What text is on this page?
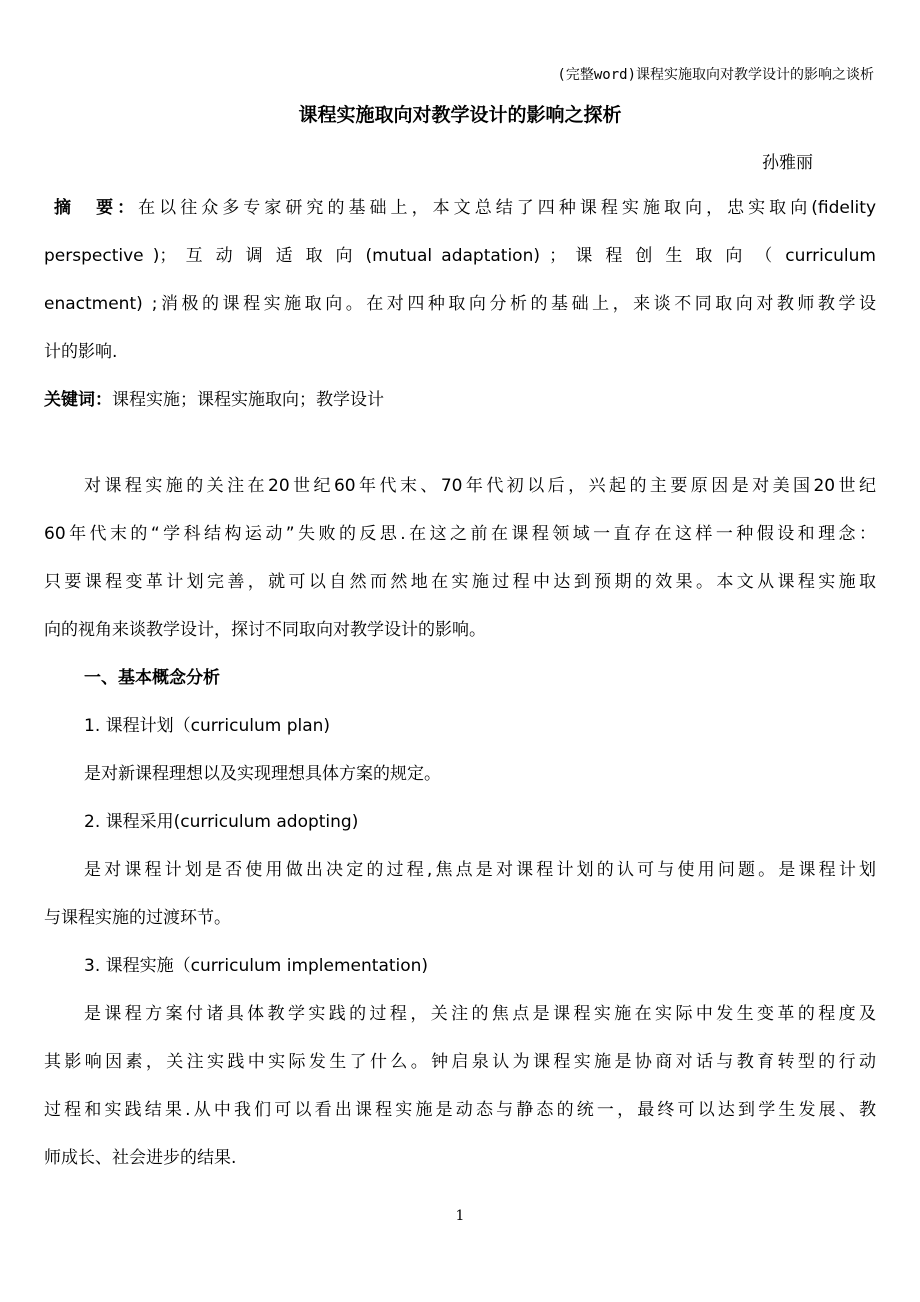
(完整word)课程实施取向对教学设计的影响之谈析
课程实施取向对教学设计的影响之探析
孙雅丽
摘　要：在以往众多专家研究的基础上，本文总结了四种课程实施取向，忠实取向(fidelity
perspective )； 互 动 调 适 取 向 (mutual adaptation) ； 课 程 创 生 取 向 （ curriculum
enactment) ;消极的课程实施取向。在对四种取向分析的基础上，来谈不同取向对教师教学设
计的影响.
关键词：课程实施；课程实施取向；教学设计
对课程实施的关注在20世纪60年代末、70年代初以后，兴起的主要原因是对美国20世纪
60年代末的“学科结构运动”失败的反思.在这之前在课程领域一直存在这样一种假设和理念：
只要课程变革计划完善，就可以自然而然地在实施过程中达到预期的效果。本文从课程实施取
向的视角来谈教学设计，探讨不同取向对教学设计的影响。
一、基本概念分析
1. 课程计划（curriculum plan)
是对新课程理想以及实现理想具体方案的规定。
2. 课程采用(curriculum adopting)
是对课程计划是否使用做出决定的过程,焦点是对课程计划的认可与使用问题。是课程计划
与课程实施的过渡环节。
3. 课程实施（curriculum implementation)
是课程方案付诸具体教学实践的过程，关注的焦点是课程实施在实际中发生变革的程度及
其影响因素，关注实践中实际发生了什么。钟启泉认为课程实施是协商对话与教育转型的行动
过程和实践结果.从中我们可以看出课程实施是动态与静态的统一，最终可以达到学生发展、教
师成长、社会进步的结果.
1
